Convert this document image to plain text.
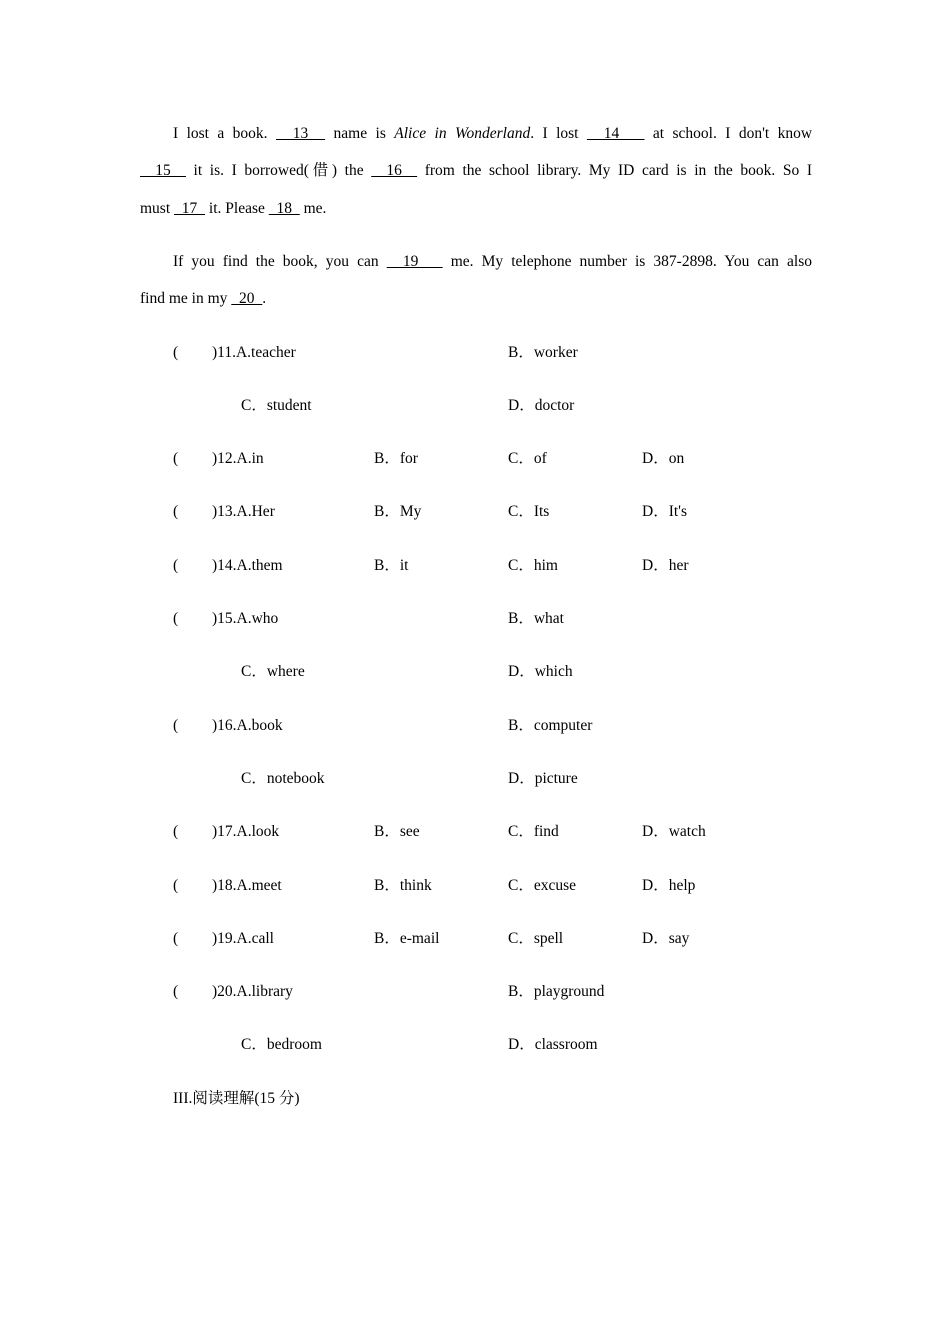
I lost a book.   13   name is Alice in Wonderland. I lost   14    at school. I don't know
15   it is. I borrowed(借) the   16   from the school library. My ID card is in the book. So I
must   17   it. Please   18   me.
If you find the book, you can   19    me. My telephone number is 387-2898. You can also
find me in my   20  .
( )11.A.teacher	B．worker
C．student	D．doctor
( )12.A.in	B．for	C．of	D．on
( )13.A.Her	B．My	C．Its	D．It's
( )14.A.them	B．it	C．him	D．her
( )15.A.who	B．what
C．where	D．which
( )16.A.book	B．computer
C．notebook	D．picture
( )17.A.look	B．see	C．find	D．watch
( )18.A.meet	B．think	C．excuse	D．help
( )19.A.call	B．e-mail	C．spell	D．say
( )20.A.library	B．playground
C．bedroom	D．classroom
III.阅读理解(15 分)
